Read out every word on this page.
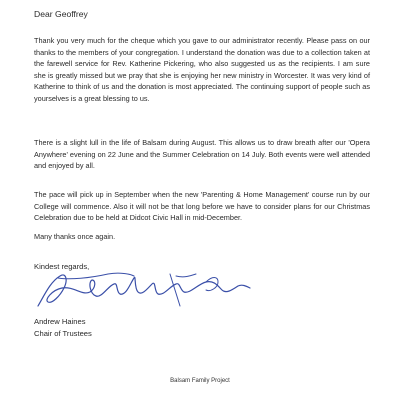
Dear Geoffrey
Thank you very much for the cheque which you gave to our administrator recently. Please pass on our thanks to the members of your congregation. I understand the donation was due to a collection taken at the farewell service for Rev. Katherine Pickering, who also suggested us as the recipients. I am sure she is greatly missed but we pray that she is enjoying her new ministry in Worcester. It was very kind of Katherine to think of us and the donation is most appreciated. The continuing support of people such as yourselves is a great blessing to us.
There is a slight lull in the life of Balsam during August. This allows us to draw breath after our 'Opera Anywhere' evening on 22 June and the Summer Celebration on 14 July. Both events were well attended and enjoyed by all.
The pace will pick up in September when the new 'Parenting & Home Management' course run by our College will commence. Also it will not be that long before we have to consider plans for our Christmas Celebration due to be held at Didcot Civic Hall in mid-December.
Many thanks once again.
Kindest regards,
Andrew Haines
Chair of Trustees
Balsam Family Project
